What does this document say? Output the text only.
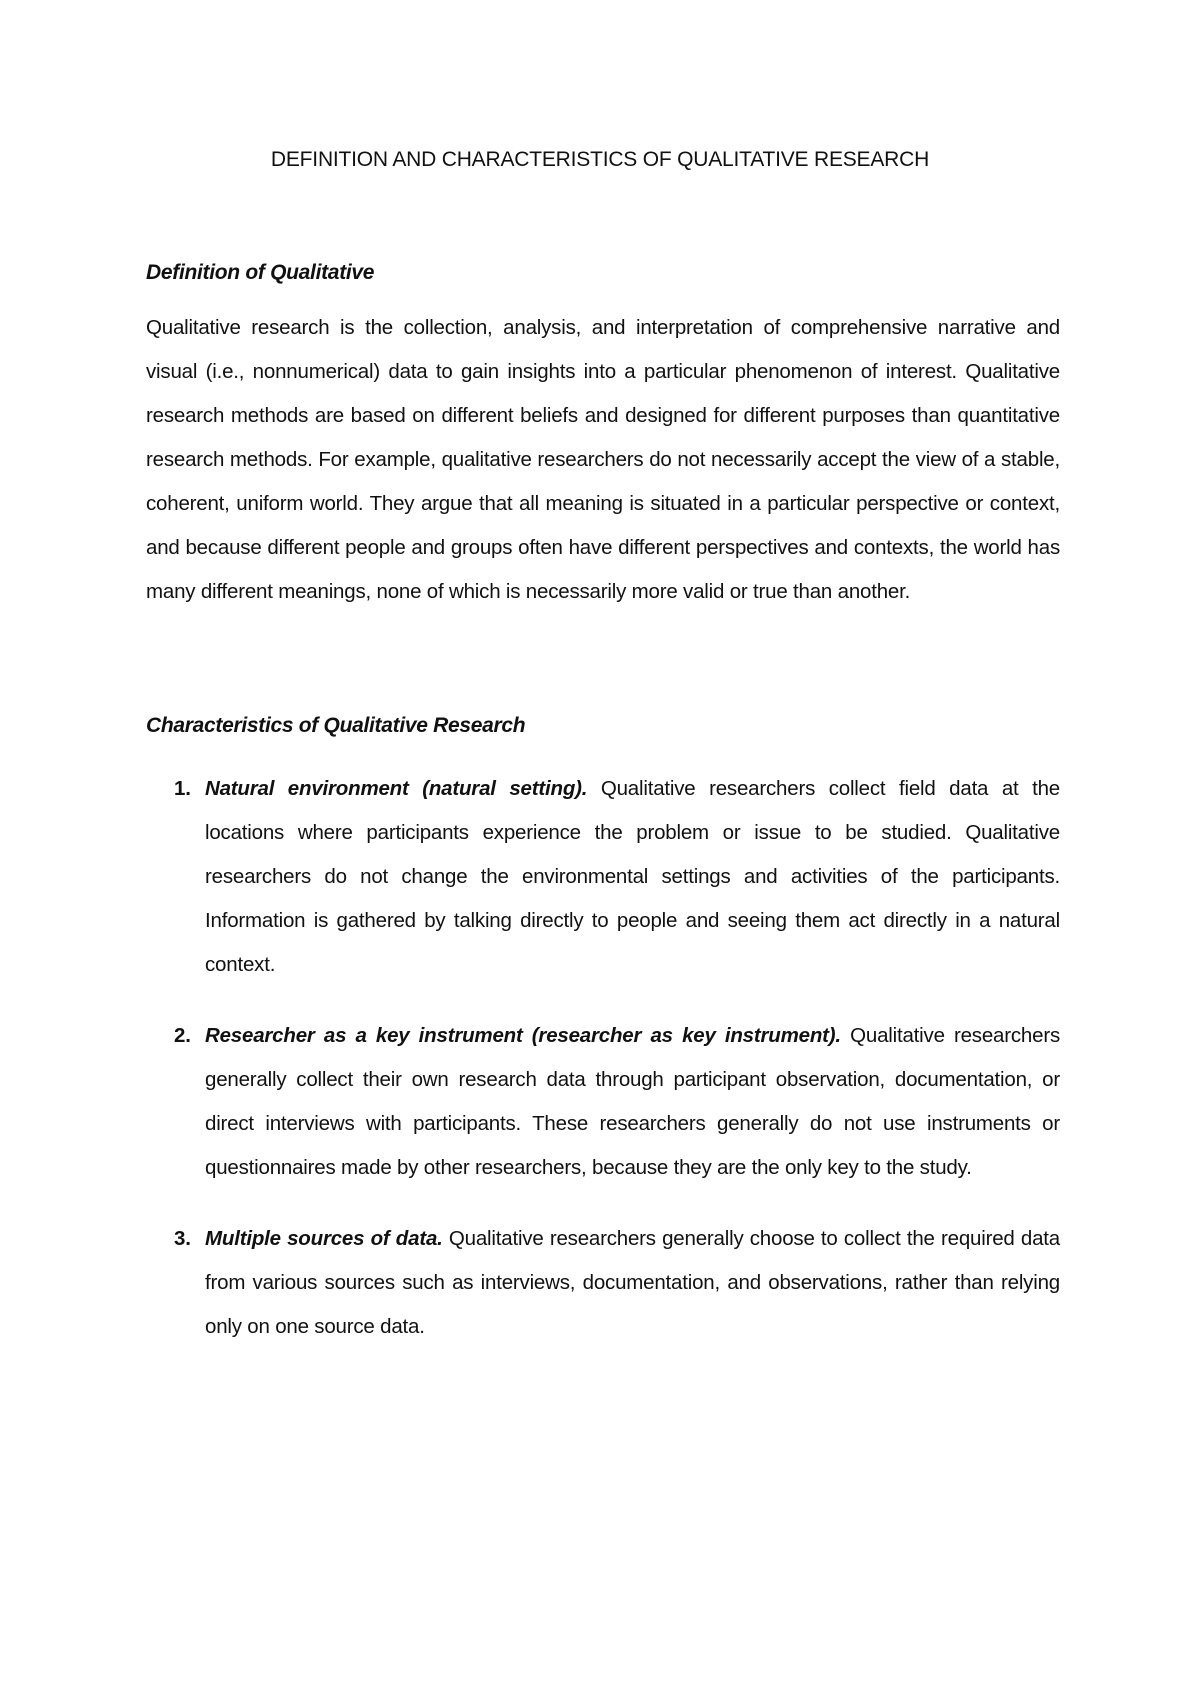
DEFINITION AND CHARACTERISTICS OF QUALITATIVE RESEARCH
Definition of Qualitative
Qualitative research is the collection, analysis, and interpretation of comprehensive narrative and visual (i.e., nonnumerical) data to gain insights into a particular phenomenon of interest. Qualitative research methods are based on different beliefs and designed for different purposes than quantitative research methods. For example, qualitative researchers do not necessarily accept the view of a stable, coherent, uniform world. They argue that all meaning is situated in a particular perspective or context, and because different people and groups often have different perspectives and contexts, the world has many different meanings, none of which is necessarily more valid or true than another.
Characteristics of Qualitative Research
1. Natural environment (natural setting). Qualitative researchers collect field data at the locations where participants experience the problem or issue to be studied. Qualitative researchers do not change the environmental settings and activities of the participants. Information is gathered by talking directly to people and seeing them act directly in a natural context.
2. Researcher as a key instrument (researcher as key instrument). Qualitative researchers generally collect their own research data through participant observation, documentation, or direct interviews with participants. These researchers generally do not use instruments or questionnaires made by other researchers, because they are the only key to the study.
3. Multiple sources of data. Qualitative researchers generally choose to collect the required data from various sources such as interviews, documentation, and observations, rather than relying only on one source data.
